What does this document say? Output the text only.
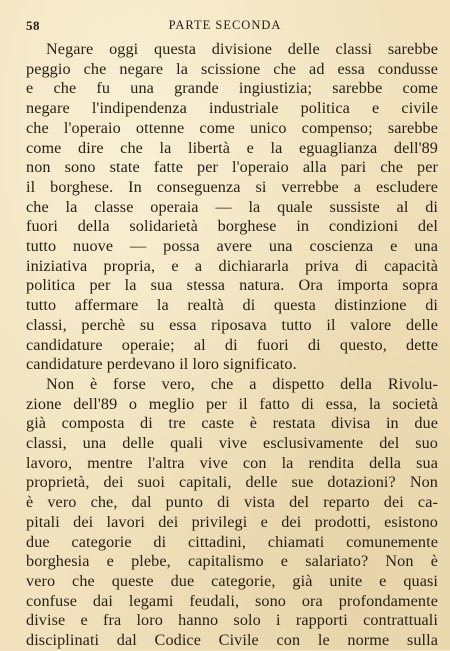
58	PARTE SECONDA
Negare oggi questa divisione delle classi sarebbe
peggio che negare la scissione che ad essa condusse
e che fu una grande ingiustizia; sarebbe come
negare l'indipendenza industriale politica e civile
che l'operaio ottenne come unico compenso; sarebbe
come dire che la libertà e la eguaglianza dell'89
non sono state fatte per l'operaio alla pari che per
il borghese. In conseguenza si verrebbe a escludere
che la classe operaia — la quale sussiste al di
fuori della solidarietà borghese in condizioni del
tutto nuove — possa avere una coscienza e una
iniziativa propria, e a dichiararla priva di capacità
politica per la sua stessa natura. Ora importa sopra
tutto affermare la realtà di questa distinzione di
classi, perchè su essa riposava tutto il valore delle
candidature operaie; al di fuori di questo, dette
candidature perdevano il loro significato.
Non è forse vero, che a dispetto della Rivolu-
zione dell'89 o meglio per il fatto di essa, la società
già composta di tre caste è restata divisa in due
classi, una delle quali vive esclusivamente del suo
lavoro, mentre l'altra vive con la rendita della sua
proprietà, dei suoi capitali, delle sue dotazioni? Non
è vero che, dal punto di vista del reparto dei ca-
pitali dei lavori dei privilegi e dei prodotti, esistono
due categorie di cittadini, chiamati comunemente
borghesia e plebe, capitalismo e salariato? Non è
vero che queste due categorie, già unite e quasi
confuse dai legami feudali, sono ora profondamente
divise e fra loro hanno solo i rapporti contrattuali
disciplinati dal Codice Civile con le norme sulla
